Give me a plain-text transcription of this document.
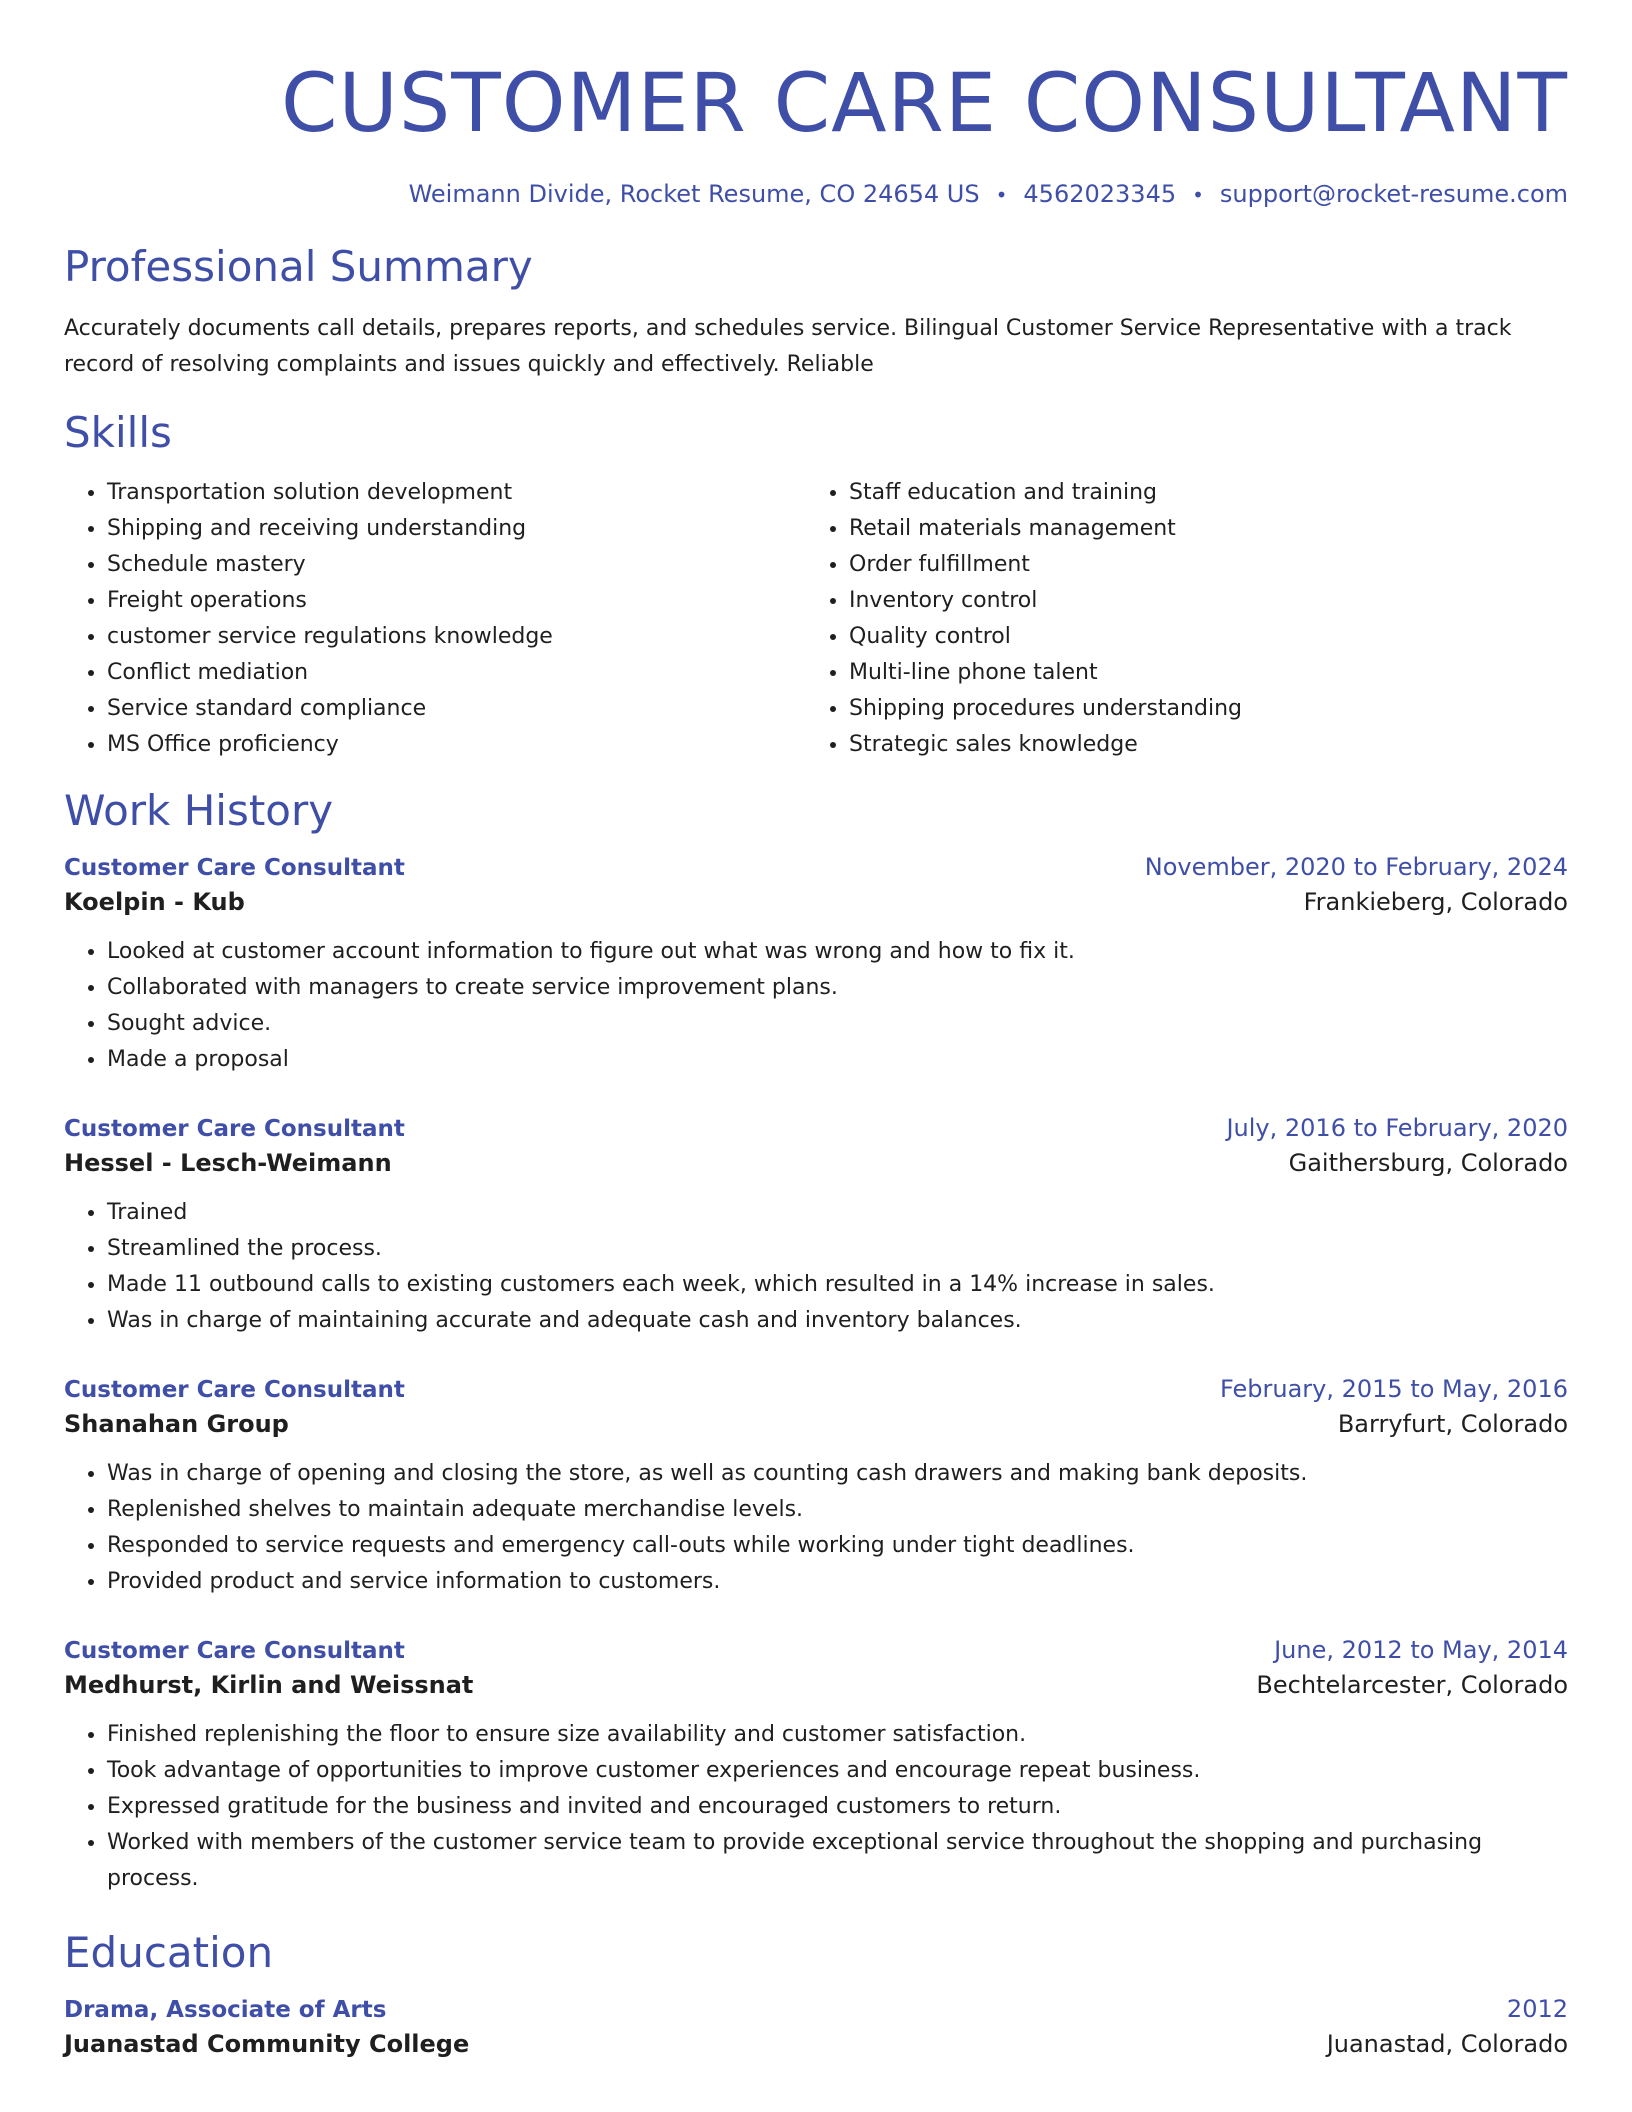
CUSTOMER CARE CONSULTANT
Weimann Divide, Rocket Resume, CO 24654 US • 4562023345 • support@rocket-resume.com
Professional Summary
Accurately documents call details, prepares reports, and schedules service. Bilingual Customer Service Representative with a track record of resolving complaints and issues quickly and effectively. Reliable
Skills
• Transportation solution development
• Shipping and receiving understanding
• Schedule mastery
• Freight operations
• customer service regulations knowledge
• Conflict mediation
• Service standard compliance
• MS Office proficiency
• Staff education and training
• Retail materials management
• Order fulfillment
• Inventory control
• Quality control
• Multi-line phone talent
• Shipping procedures understanding
• Strategic sales knowledge
Work History
Customer Care Consultant	November, 2020 to February, 2024
Koelpin - Kub	Frankieberg, Colorado
• Looked at customer account information to figure out what was wrong and how to fix it.
• Collaborated with managers to create service improvement plans.
• Sought advice.
• Made a proposal
Customer Care Consultant	July, 2016 to February, 2020
Hessel - Lesch-Weimann	Gaithersburg, Colorado
• Trained
• Streamlined the process.
• Made 11 outbound calls to existing customers each week, which resulted in a 14% increase in sales.
• Was in charge of maintaining accurate and adequate cash and inventory balances.
Customer Care Consultant	February, 2015 to May, 2016
Shanahan Group	Barryfurt, Colorado
• Was in charge of opening and closing the store, as well as counting cash drawers and making bank deposits.
• Replenished shelves to maintain adequate merchandise levels.
• Responded to service requests and emergency call-outs while working under tight deadlines.
• Provided product and service information to customers.
Customer Care Consultant	June, 2012 to May, 2014
Medhurst, Kirlin and Weissnat	Bechtelarcester, Colorado
• Finished replenishing the floor to ensure size availability and customer satisfaction.
• Took advantage of opportunities to improve customer experiences and encourage repeat business.
• Expressed gratitude for the business and invited and encouraged customers to return.
• Worked with members of the customer service team to provide exceptional service throughout the shopping and purchasing process.
Education
Drama, Associate of Arts	2012
Juanastad Community College	Juanastad, Colorado
